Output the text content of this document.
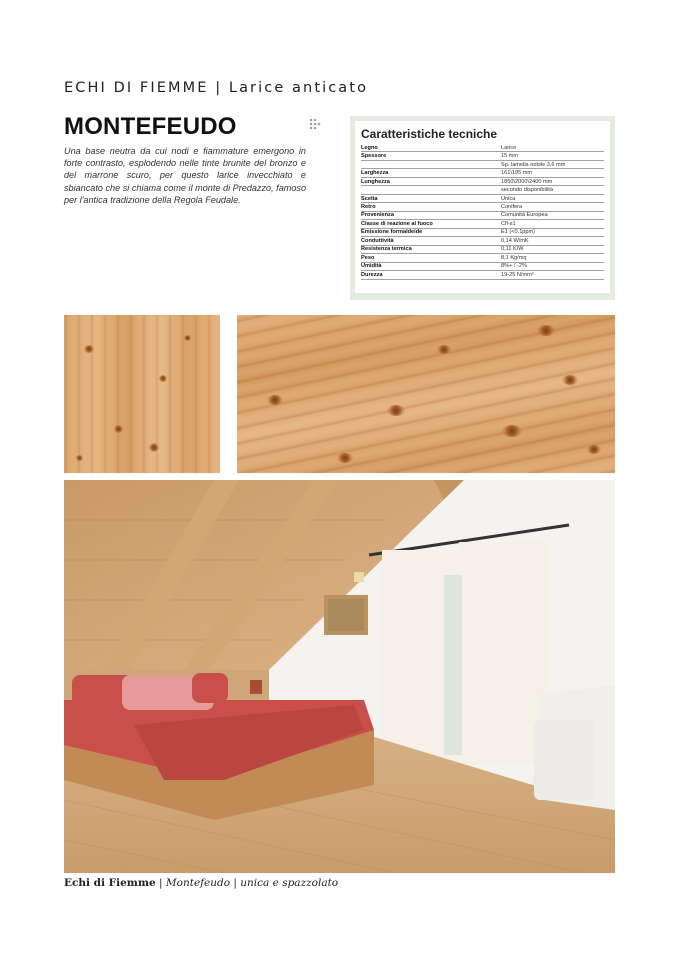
ECHI DI FIEMME | Larice anticato
MONTEFEUDO
Una base neutra da cui nodi e fiammature emergono in forte contrasto, esplodendo nelle tinte brunite del bronzo e del marrone scuro, per questo larice invecchiato e sbiancato che si chiama come il monte di Predazzo, famoso per l'antica tradizione della Regola Feudale.
Caratteristiche tecniche
Legno	Larice
Spessore	15 mm
	Sp. lamella nobile 3,6 mm
Larghezza	161\195 mm
Lunghezza	1850\2000\2400 mm
	secondo disponibilità
Scelta	Unica
Retro	Conifera
Provenienza	Comunità Europea
Classe di reazione al fuoco	Cfl-s1
Emissione formaldeide	E1 (<0,1ppm)
Conduttività	0,14 W/mK
Resistenza termica	0,11 K/W
Peso	8,1 Kg/mq
Umidità	8%+ / -2%
Durezza	19-25 N/mm²
Echi di Fiemme | Montefeudo | unica e spazzolato
